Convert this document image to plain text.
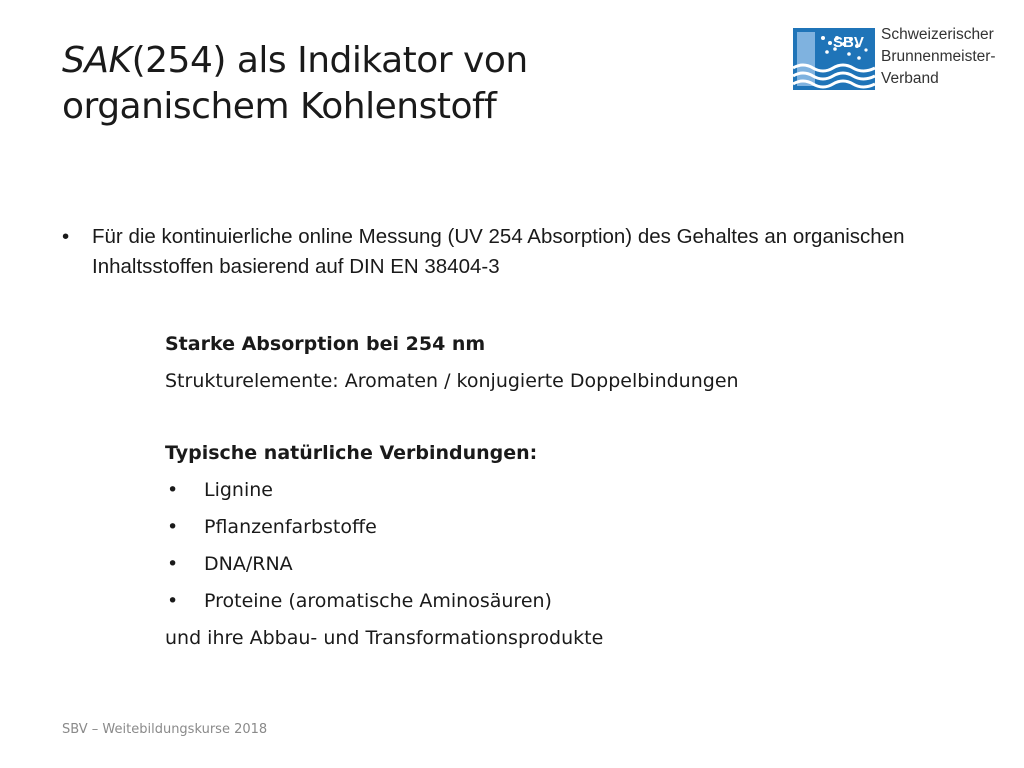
SAK(254) als Indikator von organischem Kohlenstoff
SBV Schweizerischer
Brunnenmeister-
Verband
• Für die kontinuierliche online Messung (UV 254 Absorption) des Gehaltes an organischen Inhaltsstoffen basierend auf DIN EN 38404-3
Starke Absorption bei 254 nm
Strukturelemente: Aromaten / konjugierte Doppelbindungen
Typische natürliche Verbindungen:
• Lignine
• Pflanzenfarbstoffe
• DNA/RNA
• Proteine (aromatische Aminosäuren)
und ihre Abbau- und Transformationsprodukte
SBV – Weitebildungskurse 2018
